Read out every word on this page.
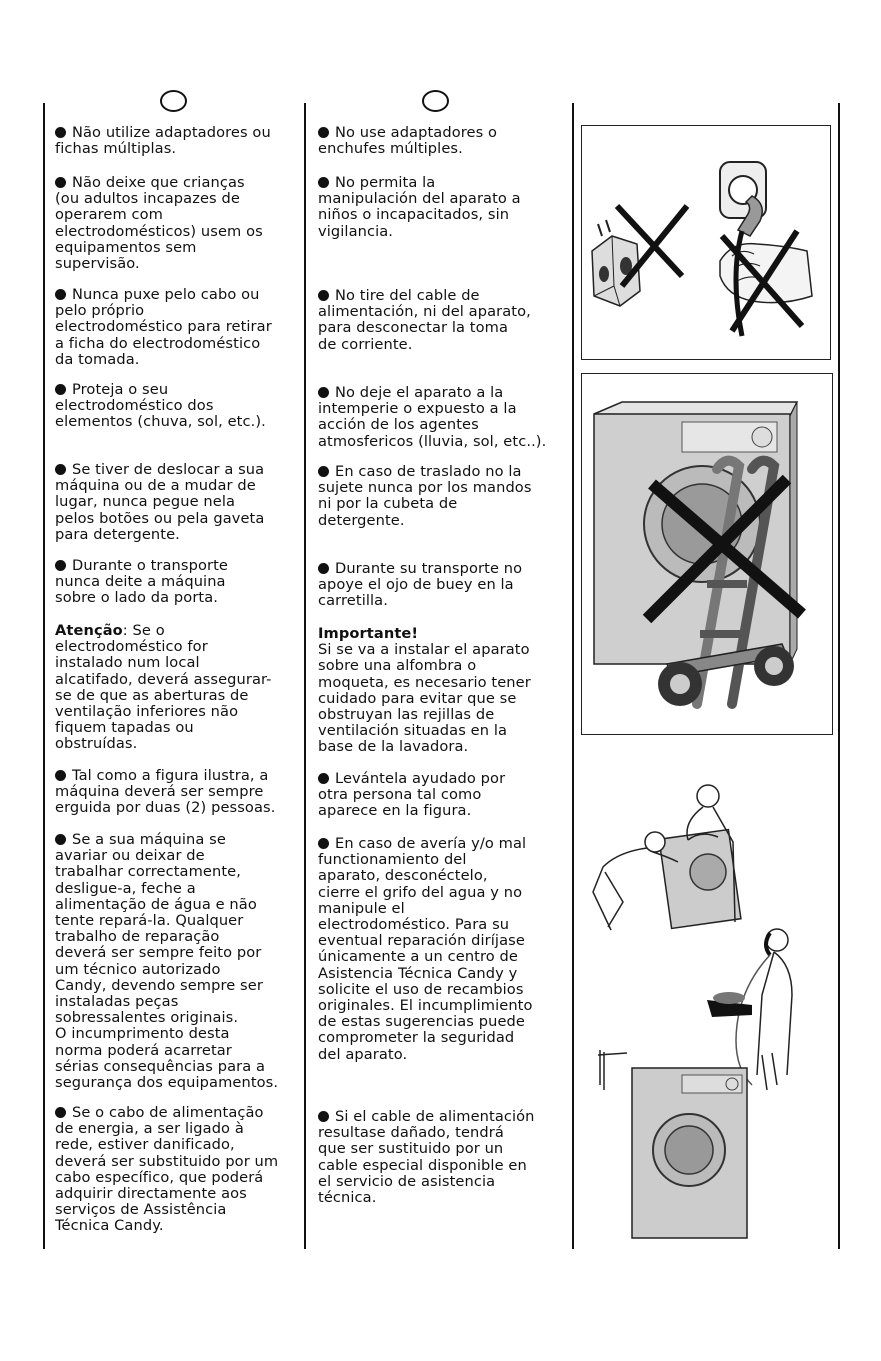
Não utilize adaptadores ou
fichas múltiplas.

Não deixe que crianças
(ou adultos incapazes de
operarem com
electrodomésticos) usem os
equipamentos sem
supervisão.

Nunca puxe pelo cabo ou
pelo próprio
electrodoméstico para retirar
a ficha do electrodoméstico
da tomada.

Proteja o seu
electrodoméstico dos
elementos (chuva, sol, etc.).

Se tiver de deslocar a sua
máquina ou de a mudar de
lugar, nunca pegue nela
pelos botões ou pela gaveta
para detergente.

Durante o transporte
nunca deite a máquina
sobre o lado da porta.

Atenção: Se o
electrodoméstico for
instalado num local
alcatifado, deverá assegurar-
se de que as aberturas de
ventilação inferiores não
fiquem tapadas ou
obstruídas.

Tal como a figura ilustra, a
máquina deverá ser sempre
erguida por duas (2) pessoas.

Se a sua máquina se
avariar ou deixar de
trabalhar correctamente,
desligue-a, feche a
alimentação de água e não
tente repará-la. Qualquer
trabalho de reparação
deverá ser sempre feito por
um técnico autorizado
Candy, devendo sempre ser
instaladas peças
sobressalentes originais.
O incumprimento desta
norma poderá acarretar
sérias consequências para a
segurança dos equipamentos.

Se o cabo de alimentação
de energia, a ser ligado à
rede, estiver danificado,
deverá ser substituido por um
cabo específico, que poderá
adquirir directamente aos
serviços de Assistência
Técnica Candy.

No use adaptadores o
enchufes múltiples.

No permita la
manipulación del aparato a
niños o incapacitados, sin
vigilancia.

No tire del cable de
alimentación, ni del aparato,
para desconectar la toma
de corriente.

No deje el aparato a la
intemperie o expuesto a la
acción de los agentes
atmosfericos (lluvia, sol, etc..).

En caso de traslado no la
sujete nunca por los mandos
ni por la cubeta de
detergente.

Durante su transporte no
apoye el ojo de buey en la
carretilla.

Importante!
Si se va a instalar el aparato
sobre una alfombra o
moqueta, es necesario tener
cuidado para evitar que se
obstruyan las rejillas de
ventilación situadas en la
base de la lavadora.

Levántela ayudado por
otra persona tal como
aparece en la figura.

En caso de avería y/o mal
functionamiento del
aparato, desconéctelo,
cierre el grifo del agua y no
manipule el
electrodoméstico. Para su
eventual reparación diríjase
únicamente a un centro de
Asistencia Técnica Candy y
solicite el uso de recambios
originales. El incumplimiento
de estas sugerencias puede
comprometer la seguridad
del aparato.

Si el cable de alimentación
resultase dañado, tendrá
que ser sustituido por un
cable especial disponible en
el servicio de asistencia
técnica.
